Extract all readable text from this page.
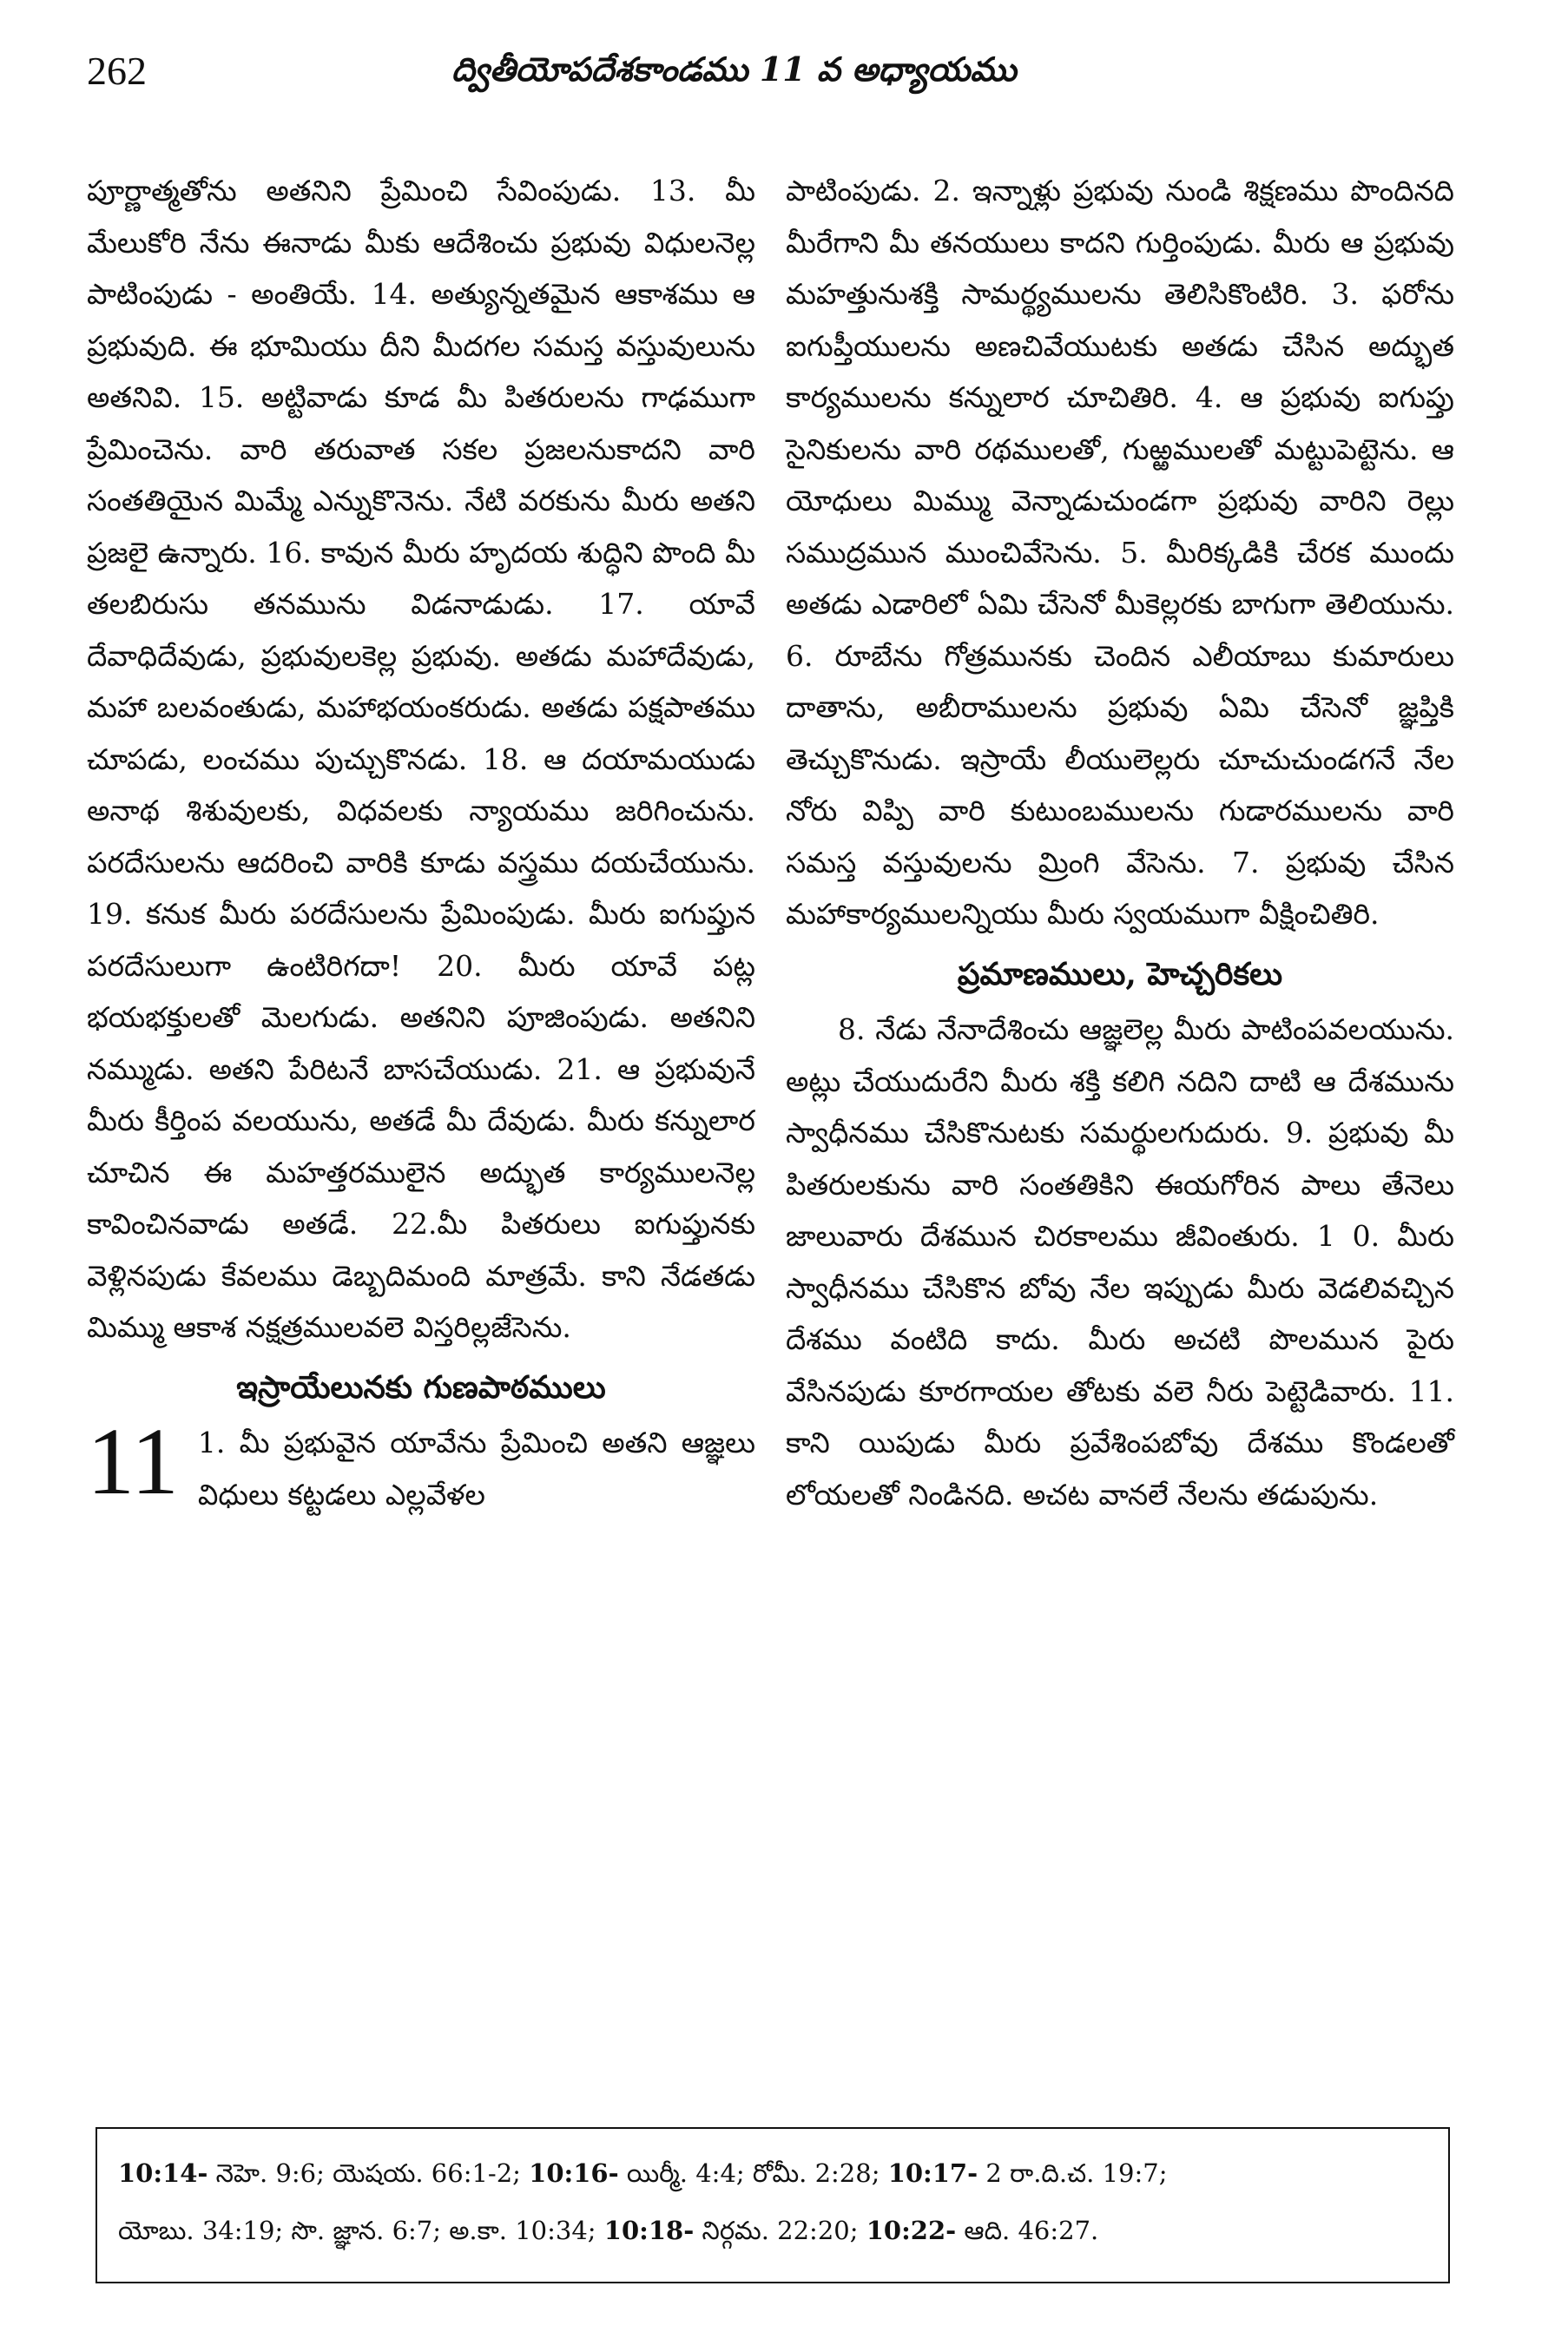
262	ద్వితీయోపదేశకాండము 11 వ అధ్యాయము

పూర్ణాత్మతోను అతనిని ప్రేమించి సేవింపుడు. 13. మీ మేలుకోరి నేను ఈనాడు మీకు ఆదేశించు ప్రభువు విధులనెల్ల పాటింపుడు - అంతియే. 14. అత్యున్నతమైన ఆకాశము ఆ ప్రభువుది. ఈ భూమియు దీని మీదగల సమస్త వస్తువులును అతనివి. 15. అట్టివాడు కూడ మీ పితరులను గాఢముగా ప్రేమించెను. వారి తరువాత సకల ప్రజలనుకాదని వారి సంతతియైన మిమ్మే ఎన్నుకొనెను. నేటి వరకును మీరు అతని ప్రజలై ఉన్నారు. 16. కావున మీరు హృదయ శుద్ధిని పొంది మీ తలబిరుసు తనమును విడనాడుడు. 17. యావే దేవాధిదేవుడు, ప్రభువులకెల్ల ప్రభువు. అతడు మహాదేవుడు, మహా బలవంతుడు, మహాభయంకరుడు. అతడు పక్షపాతము చూపడు, లంచము పుచ్చుకొనడు. 18. ఆ దయామయుడు అనాథ శిశువులకు, విధవలకు న్యాయము జరిగించును. పరదేసులను ఆదరించి వారికి కూడు వస్త్రము దయచేయును. 19. కనుక మీరు పరదేసులను ప్రేమింపుడు. మీరు ఐగుప్తున పరదేసులుగా ఉంటిరిగదా! 20. మీరు యావే పట్ల భయభక్తులతో మెలగుడు. అతనిని పూజింపుడు. అతనిని నమ్ముడు. అతని పేరిటనే బాసచేయుడు. 21. ఆ ప్రభువునే మీరు కీర్తింప వలయును, అతడే మీ దేవుడు. మీరు కన్నులార చూచిన ఈ మహత్తరములైన అద్భుత కార్యములనెల్ల కావించినవాడు అతడే. 22.మీ పితరులు ఐగుప్తునకు వెళ్లినపుడు కేవలము డెబ్బదిమంది మాత్రమే. కాని నేడతడు మిమ్ము ఆకాశ నక్షత్రములవలె విస్తరిల్లజేసెను.

ఇస్రాయేలునకు గుణపాఠములు

11 1. మీ ప్రభువైన యావేను ప్రేమించి అతని ఆజ్ఞలు విధులు కట్టడలు ఎల్లవేళల

పాటింపుడు. 2. ఇన్నాళ్లు ప్రభువు నుండి శిక్షణము పొందినది మీరేగాని మీ తనయులు కాదని గుర్తింపుడు. మీరు ఆ ప్రభువు మహత్తునుశక్తి సామర్థ్యములను తెలిసికొంటిరి. 3. ఫరోను ఐగుప్తీయులను అణచివేయుటకు అతడు చేసిన అద్భుత కార్యములను కన్నులార చూచితిరి. 4. ఆ ప్రభువు ఐగుప్తు సైనికులను వారి రథములతో, గుఱ్ఱములతో మట్టుపెట్టెను. ఆ యోధులు మిమ్ము వెన్నాడుచుండగా ప్రభువు వారిని రెల్లు సముద్రమున ముంచివేసెను. 5. మీరిక్కడికి చేరక ముందు అతడు ఎడారిలో ఏమి చేసెనో మీకెల్లరకు బాగుగా తెలియును. 6. రూబేను గోత్రమునకు చెందిన ఎలీయాబు కుమారులు దాతాను, అబీరాములను ప్రభువు ఏమి చేసెనో జ్ఞప్తికి తెచ్చుకొనుడు. ఇస్రాయే లీయులెల్లరు చూచుచుండగనే నేల నోరు విప్పి వారి కుటుంబములను గుడారములను వారి సమస్త వస్తువులను మ్రింగి వేసెను. 7. ప్రభువు చేసిన మహాకార్యములన్నియు మీరు స్వయముగా వీక్షించితిరి.

ప్రమాణములు, హెచ్చరికలు

8. నేడు నేనాదేశించు ఆజ్ఞలెల్ల మీరు పాటింపవలయును. అట్లు చేయుదురేని మీరు శక్తి కలిగి నదిని దాటి ఆ దేశమును స్వాధీనము చేసికొనుటకు సమర్థులగుదురు. 9. ప్రభువు మీ పితరులకును వారి సంతతికిని ఈయగోరిన పాలు తేనెలు జాలువారు దేశమున చిరకాలము జీవింతురు. 1 0. మీరు స్వాధీనము చేసికొన బోవు నేల ఇప్పుడు మీరు వెడలివచ్చిన దేశము వంటిది కాదు. మీరు అచటి పొలమున పైరు వేసినపుడు కూరగాయల తోటకు వలె నీరు పెట్టెడివారు. 11. కాని యిపుడు మీరు ప్రవేశింపబోవు దేశము కొండలతో లోయలతో నిండినది. అచట వానలే నేలను తడుపును.

10:14- నెహె. 9:6; యెషయ. 66:1-2; 10:16- యిర్మీ. 4:4; రోమీ. 2:28; 10:17- 2 రా.ది.చ. 19:7;
యోబు. 34:19; సొ. జ్ఞాన. 6:7; అ.కా. 10:34; 10:18- నిర్గమ. 22:20; 10:22- ఆది. 46:27.
